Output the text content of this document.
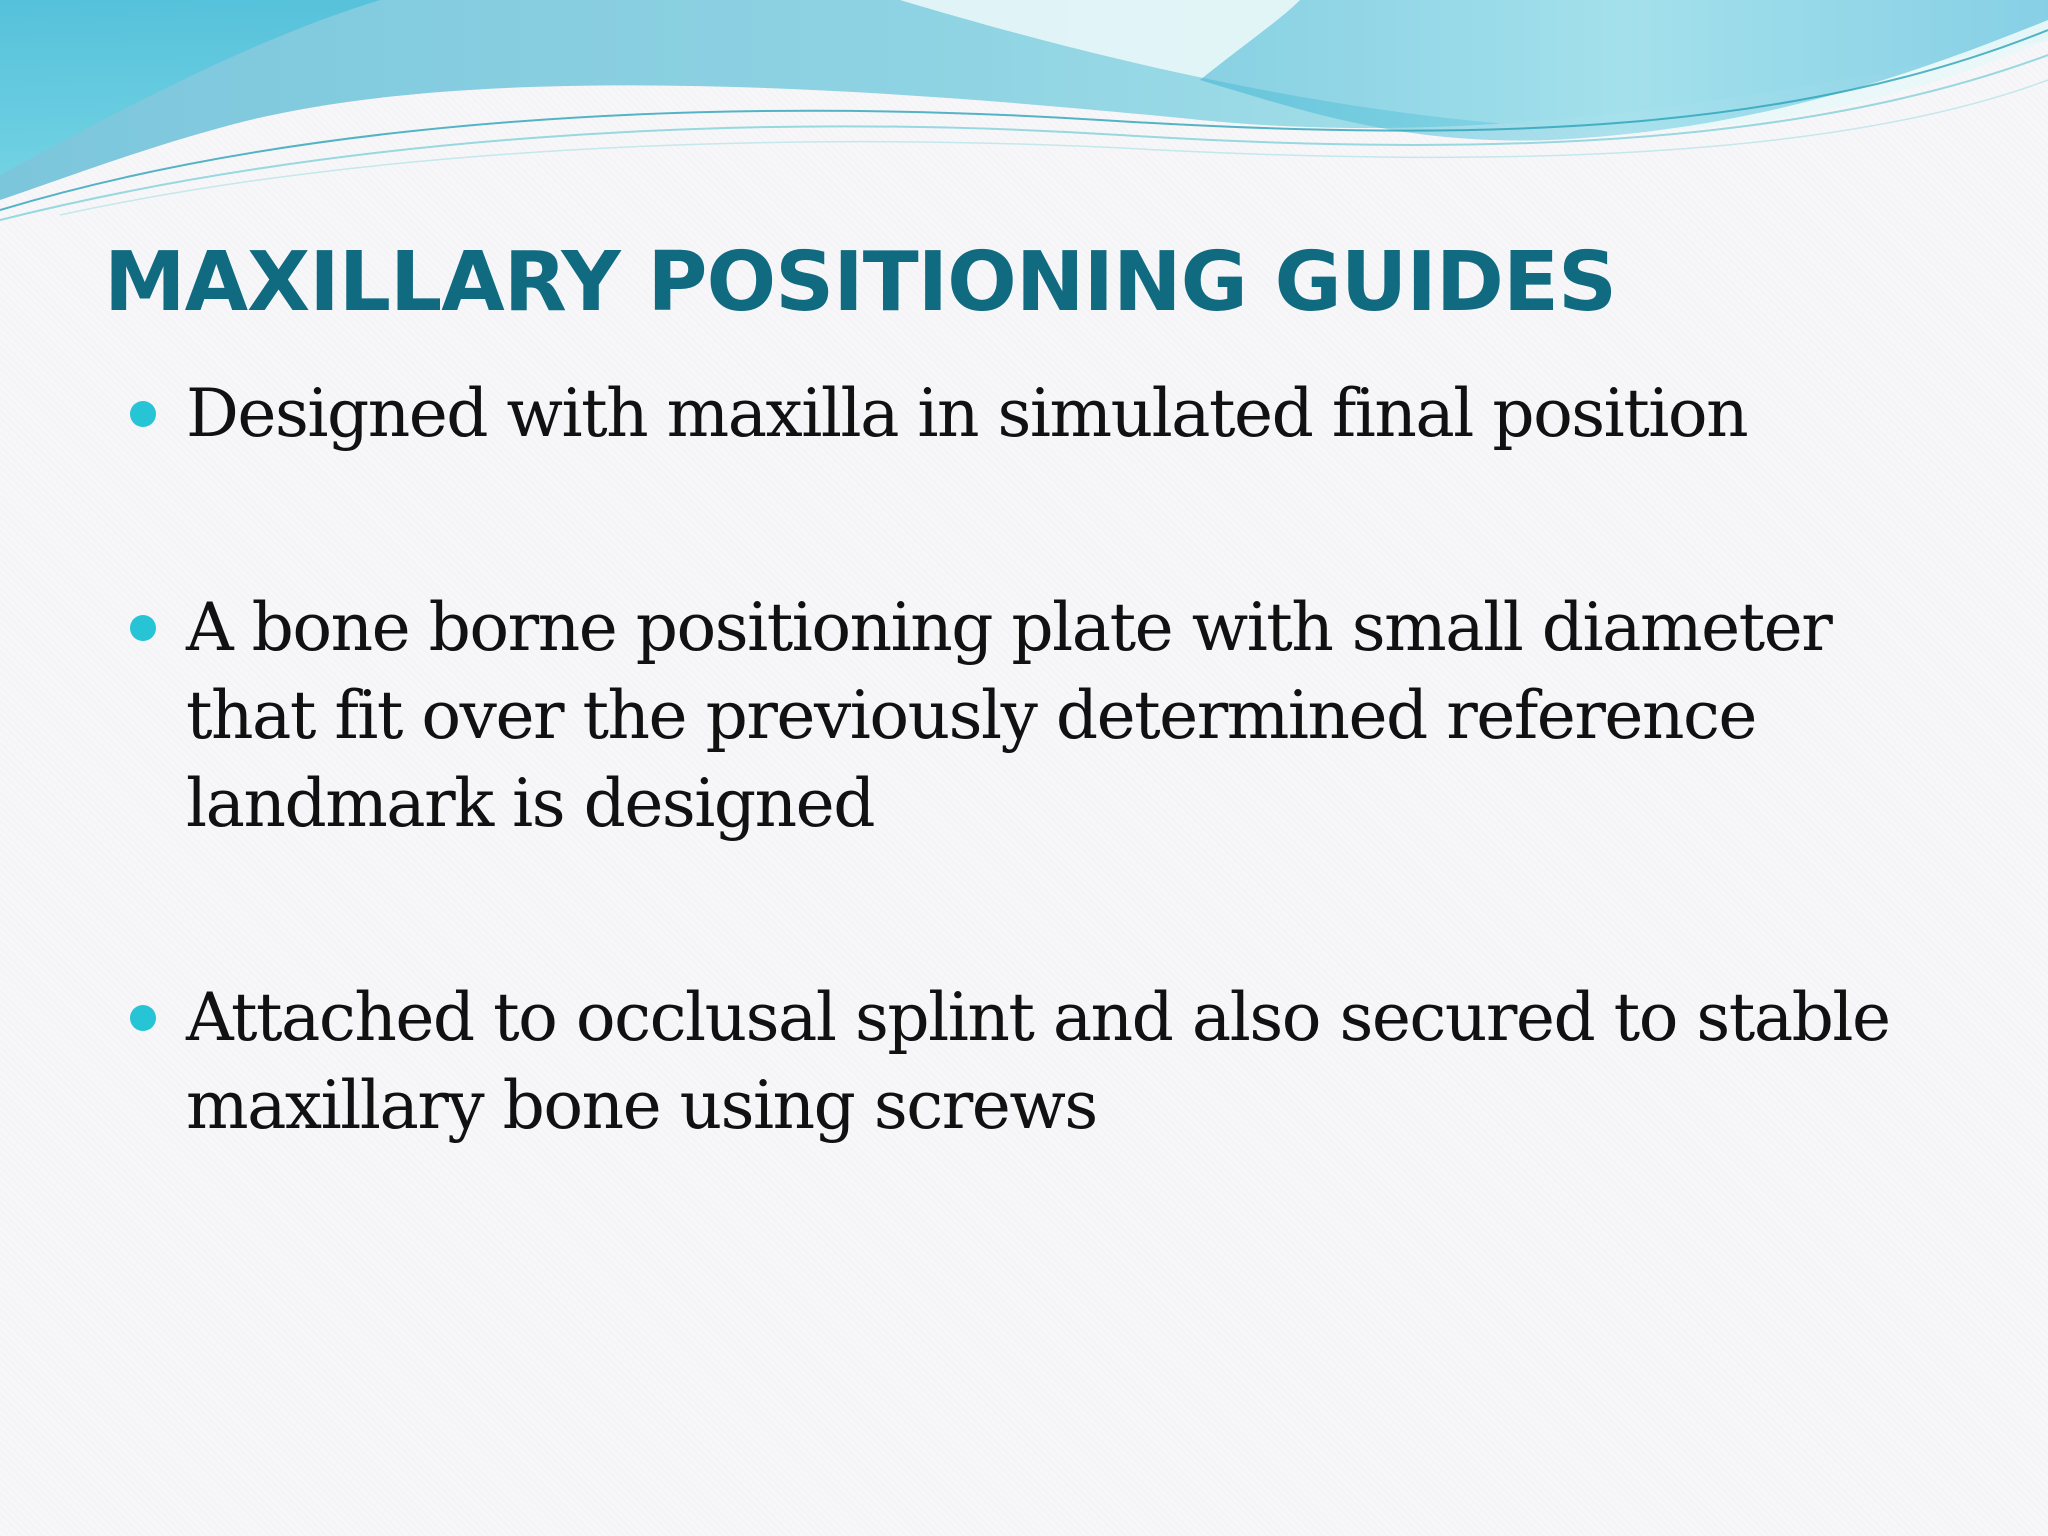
MAXILLARY POSITIONING GUIDES
Designed with maxilla in simulated final position
A bone borne positioning plate with small diameter that fit over the previously determined reference landmark is designed
Attached to occlusal splint and also secured to stable maxillary bone using screws
